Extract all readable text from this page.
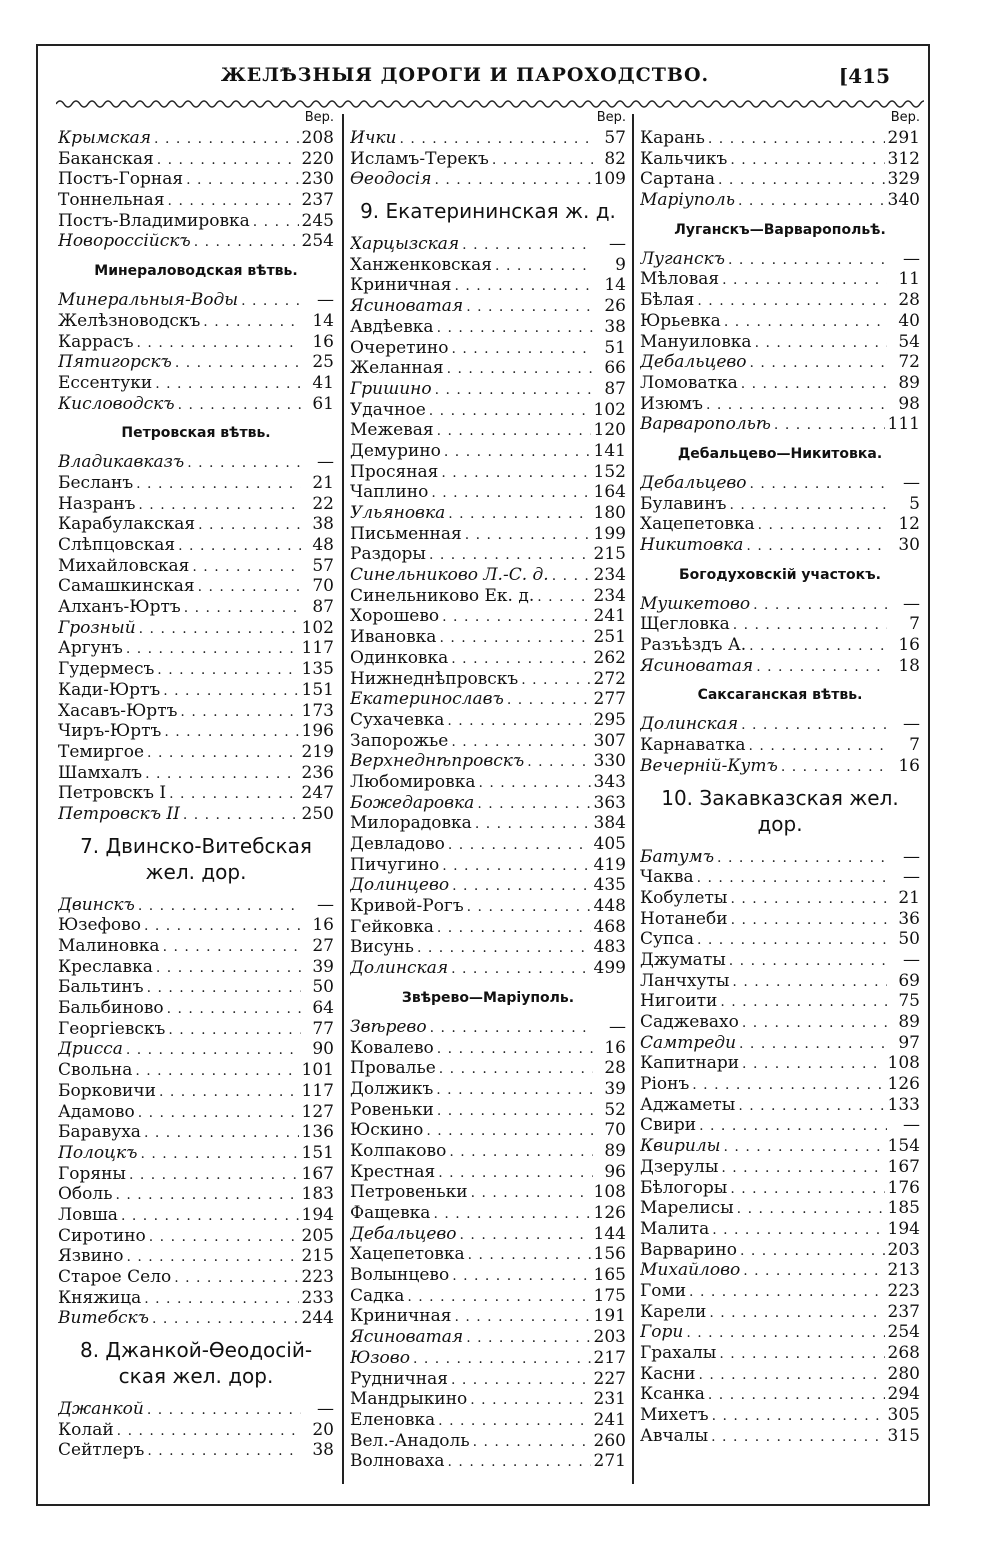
ЖЕЛѢЗНЫЯ ДОРОГИ И ПАРОХОДСТВО.	[415
Вер.
Крымская . . .	208
Баканская . . .	220
Постъ-Горная . . .	230
Тоннельная . . .	237
Постъ-Владимировка . . .	245
Новороссійскъ . . .	254
Минераловодская вѣтвь.
Минеральныя-Воды . . .	—
Желѣзноводскъ . . .	14
Каррасъ . . .	16
Пятигорскъ . . .	25
Ессентуки . . .	41
Кисловодскъ . . .	61
Петровская вѣтвь.
Владикавказъ . . .	—
Бесланъ . . .	21
Назранъ . . .	22
Карабулакская . . .	38
Слѣпцовская . . .	48
Михайловская . . .	57
Самашкинская . . .	70
Алханъ-Юртъ . . .	87
Грозный . . .	102
Аргунъ . . .	117
Гудермесъ . . .	135
Кади-Юртъ . . .	151
Хасавъ-Юртъ . . .	173
Чиръ-Юртъ . . .	196
Темиргое . . .	219
Шамхалъ . . .	236
Петровскъ I . . .	247
Петровскъ II . . .	250
7. Двинско-Витебская жел. дор.
Двинскъ . . .	—
Юзефово . . .	16
Малиновка . . .	27
Креславка . . .	39
Бальтинъ . . .	50
Бальбиново . . .	64
Георгіевскъ . . .	77
Дрисса . . .	90
Свольна . . .	101
Борковичи . . .	117
Адамово . . .	127
Баравуха . . .	136
Полоцкъ . . .	151
Горяны . . .	167
Оболь . . .	183
Ловша . . .	194
Сиротино . . .	205
Язвино . . .	215
Старое Село . . .	223
Княжица . . .	233
Витебскъ . . .	244
8. Джанкой-Ѳеодосій-ская жел. дор.
Джанкой . . .	—
Колай . . .	20
Сейтлеръ . . .	38
Вер.
Ички . . .	57
Исламъ-Терекъ . . .	82
Ѳеодосія . . .	109
9. Екатерининская ж. д.
Харцызская . . .	—
Ханженковская . . .	9
Криничная . . .	14
Ясиноватая . . .	26
Авдѣевка . . .	38
Очеретино . . .	51
Желанная . . .	66
Гришино . . .	87
Удачное . . .	102
Межевая . . .	120
Демурино . . .	141
Просяная . . .	152
Чаплино . . .	164
Ульяновка . . .	180
Письменная . . .	199
Раздоры . . .	215
Синельниково Л.-С. д. . . .	234
Синельниково Ек. д. . . .	234
Хорошево . . .	241
Ивановка . . .	251
Одинковка . . .	262
Нижнеднѣпровскъ . . .	272
Екатеринославъ . . .	277
Сухачевка . . .	295
Запорожье . . .	307
Верхнеднѣпровскъ . . .	330
Любомировка . . .	343
Божедаровка . . .	363
Милорадовка . . .	384
Девладово . . .	405
Пичугино . . .	419
Долинцево . . .	435
Кривой-Рогъ . . .	448
Гейковка . . .	468
Висунь . . .	483
Долинская . . .	499
Звѣрево—Маріуполь.
Звѣрево . . .	—
Ковалево . . .	16
Провалье . . .	28
Должикъ . . .	39
Ровеньки . . .	52
Юскино . . .	70
Колпаково . . .	89
Крестная . . .	96
Петровеньки . . .	108
Фащевка . . .	126
Дебальцево . . .	144
Хацепетовка . . .	156
Волынцево . . .	165
Садка . . .	175
Криничная . . .	191
Ясиноватая . . .	203
Юзово . . .	217
Рудничная . . .	227
Мандрыкино . . .	231
Еленовка . . .	241
Вел.-Анадоль . . .	260
Волноваха . . .	271
Вер.
Карань . . .	291
Кальчикъ . . .	312
Сартана . . .	329
Маріуполь . . .	340
Луганскъ—Варваропольѣ.
Луганскъ . . .	—
Мѣловая . . .	11
Бѣлая . . .	28
Юрьевка . . .	40
Мануиловка . . .	54
Дебальцево . . .	72
Ломоватка . . .	89
Изюмъ . . .	98
Варваропольѣ . . .	111
Дебальцево—Никитовка.
Дебальцево . . .	—
Булавинъ . . .	5
Хацепетовка . . .	12
Никитовка . . .	30
Богодуховскій участокъ.
Мушкетово . . .	—
Щегловка . . .	7
Разъѣздъ А. . . .	16
Ясиноватая . . .	18
Саксаганская вѣтвь.
Долинская . . .	—
Карнаватка . . .	7
Вечерній-Кутъ . . .	16
10. Закавказская жел. дор.
Батумъ . . .	—
Чаква . . .	—
Кобулеты . . .	21
Нотанеби . . .	36
Супса . . .	50
Джуматы . . .	—
Ланчхуты . . .	69
Нигоити . . .	75
Саджевахо . . .	89
Самтреди . . .	97
Капитнари . . .	108
Ріонъ . . .	126
Аджаметы . . .	133
Свири . . .	—
Квирилы . . .	154
Дзерулы . . .	167
Бѣлогоры . . .	176
Марелисы . . .	185
Малита . . .	194
Варварино . . .	203
Михайлово . . .	213
Гоми . . .	223
Карели . . .	237
Гори . . .	254
Грахалы . . .	268
Касни . . .	280
Ксанка . . .	294
Михетъ . . .	305
Авчалы . . .	315
